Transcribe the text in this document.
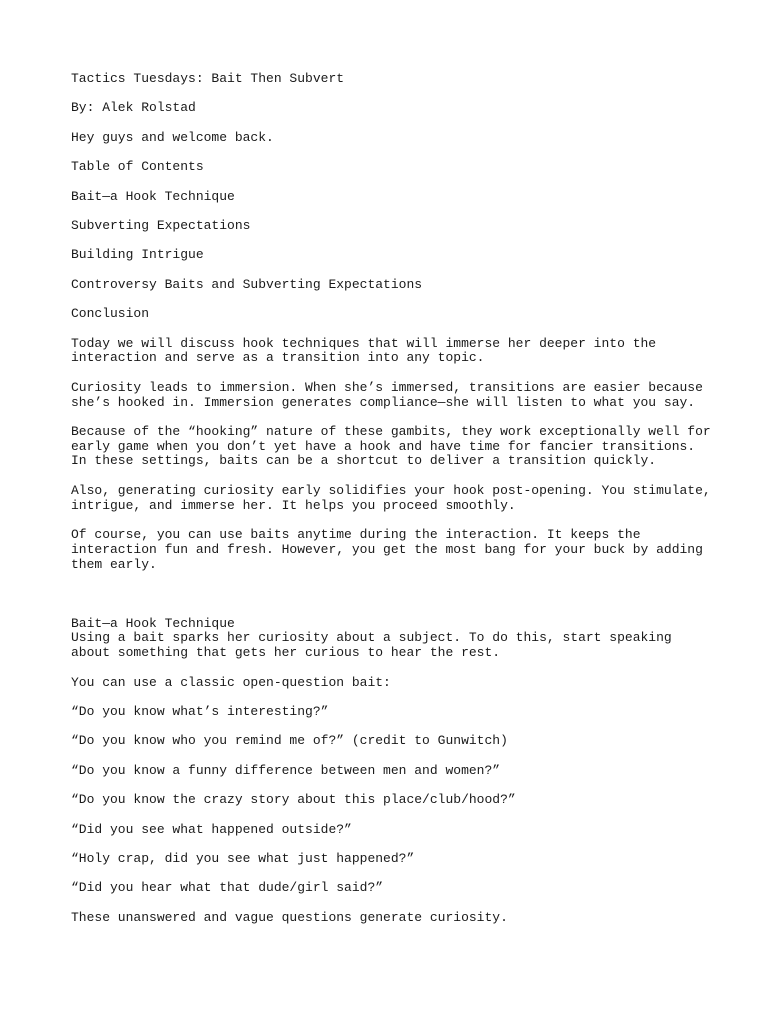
Tactics Tuesdays: Bait Then Subvert

By: Alek Rolstad

Hey guys and welcome back.

Table of Contents

Bait—a Hook Technique

Subverting Expectations

Building Intrigue

Controversy Baits and Subverting Expectations

Conclusion

Today we will discuss hook techniques that will immerse her deeper into the interaction and serve as a transition into any topic.

Curiosity leads to immersion. When she’s immersed, transitions are easier because she’s hooked in. Immersion generates compliance—she will listen to what you say.

Because of the “hooking” nature of these gambits, they work exceptionally well for early game when you don’t yet have a hook and have time for fancier transitions. In these settings, baits can be a shortcut to deliver a transition quickly.

Also, generating curiosity early solidifies your hook post-opening. You stimulate, intrigue, and immerse her. It helps you proceed smoothly.

Of course, you can use baits anytime during the interaction. It keeps the interaction fun and fresh. However, you get the most bang for your buck by adding them early.

Bait—a Hook Technique

Using a bait sparks her curiosity about a subject. To do this, start speaking about something that gets her curious to hear the rest.

You can use a classic open-question bait:

“Do you know what’s interesting?”

“Do you know who you remind me of?” (credit to Gunwitch)

“Do you know a funny difference between men and women?”

“Do you know the crazy story about this place/club/hood?”

“Did you see what happened outside?”

“Holy crap, did you see what just happened?”

“Did you hear what that dude/girl said?”

These unanswered and vague questions generate curiosity.
